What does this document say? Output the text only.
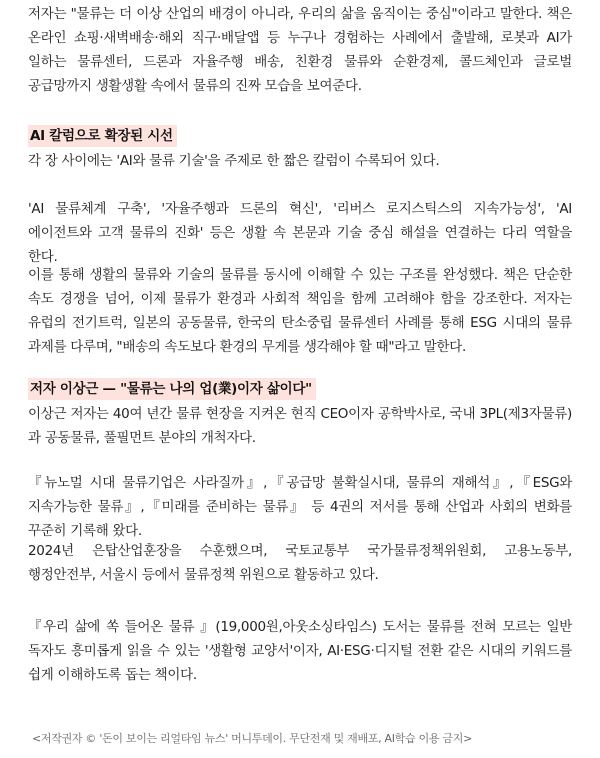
저자는 "물류는 더 이상 산업의 배경이 아니라, 우리의 삶을 움직이는 중심"이라고 말한다. 책은 온라인 쇼핑·새벽배송·해외 직구·배달앱 등 누구나 경험하는 사례에서 출발해, 로봇과 AI가 일하는 물류센터, 드론과 자율주행 배송, 친환경 물류와 순환경제, 콜드체인과 글로벌 공급망까지 생활생활 속에서 물류의 진짜 모습을 보여준다.

AI 칼럼으로 확장된 시선

각 장 사이에는 'AI와 물류 기술'을 주제로 한 짧은 칼럼이 수록되어 있다.

'AI 물류체계 구축', '자율주행과 드론의 혁신', '리버스 로지스틱스의 지속가능성', 'AI 에이전트와 고객 물류의 진화' 등은 생활 속 본문과 기술 중심 해설을 연결하는 다리 역할을 한다.

이를 통해 생활의 물류와 기술의 물류를 동시에 이해할 수 있는 구조를 완성했다. 책은 단순한 속도 경쟁을 넘어, 이제 물류가 환경과 사회적 책임을 함께 고려해야 함을 강조한다. 저자는 유럽의 전기트럭, 일본의 공동물류, 한국의 탄소중립 물류센터 사례를 통해 ESG 시대의 물류 과제를 다루며, "배송의 속도보다 환경의 무게를 생각해야 할 때"라고 말한다.

저자 이상근 — "물류는 나의 업(業)이자 삶이다"

이상근 저자는 40여 년간 물류 현장을 지켜온 현직 CEO이자 공학박사로, 국내 3PL(제3자물류)과 공동물류, 풀필먼트 분야의 개척자다.

『뉴노멀 시대 물류기업은 사라질까』,『공급망 불확실시대, 물류의 재해석』,『ESG와 지속가능한 물류』,『미래를 준비하는 물류』 등 4권의 저서를 통해 산업과 사회의 변화를 꾸준히 기록해 왔다.

2024년 은탑산업훈장을 수훈했으며, 국토교통부 국가물류정책위원회, 고용노동부, 행정안전부, 서울시 등에서 물류정책 위원으로 활동하고 있다.

『우리 삶에 쏙 들어온 물류 』(19,000원,아웃소싱타임스) 도서는 물류를 전혀 모르는 일반 독자도 흥미롭게 읽을 수 있는 '생활형 교양서'이자, AI·ESG·디지털 전환 같은 시대의 키워드를 쉽게 이해하도록 돕는 책이다.

<저작권자 © '돈이 보이는 리얼타임 뉴스' 머니투데이. 무단전재 및 재배포, AI학습 이용 금지>
